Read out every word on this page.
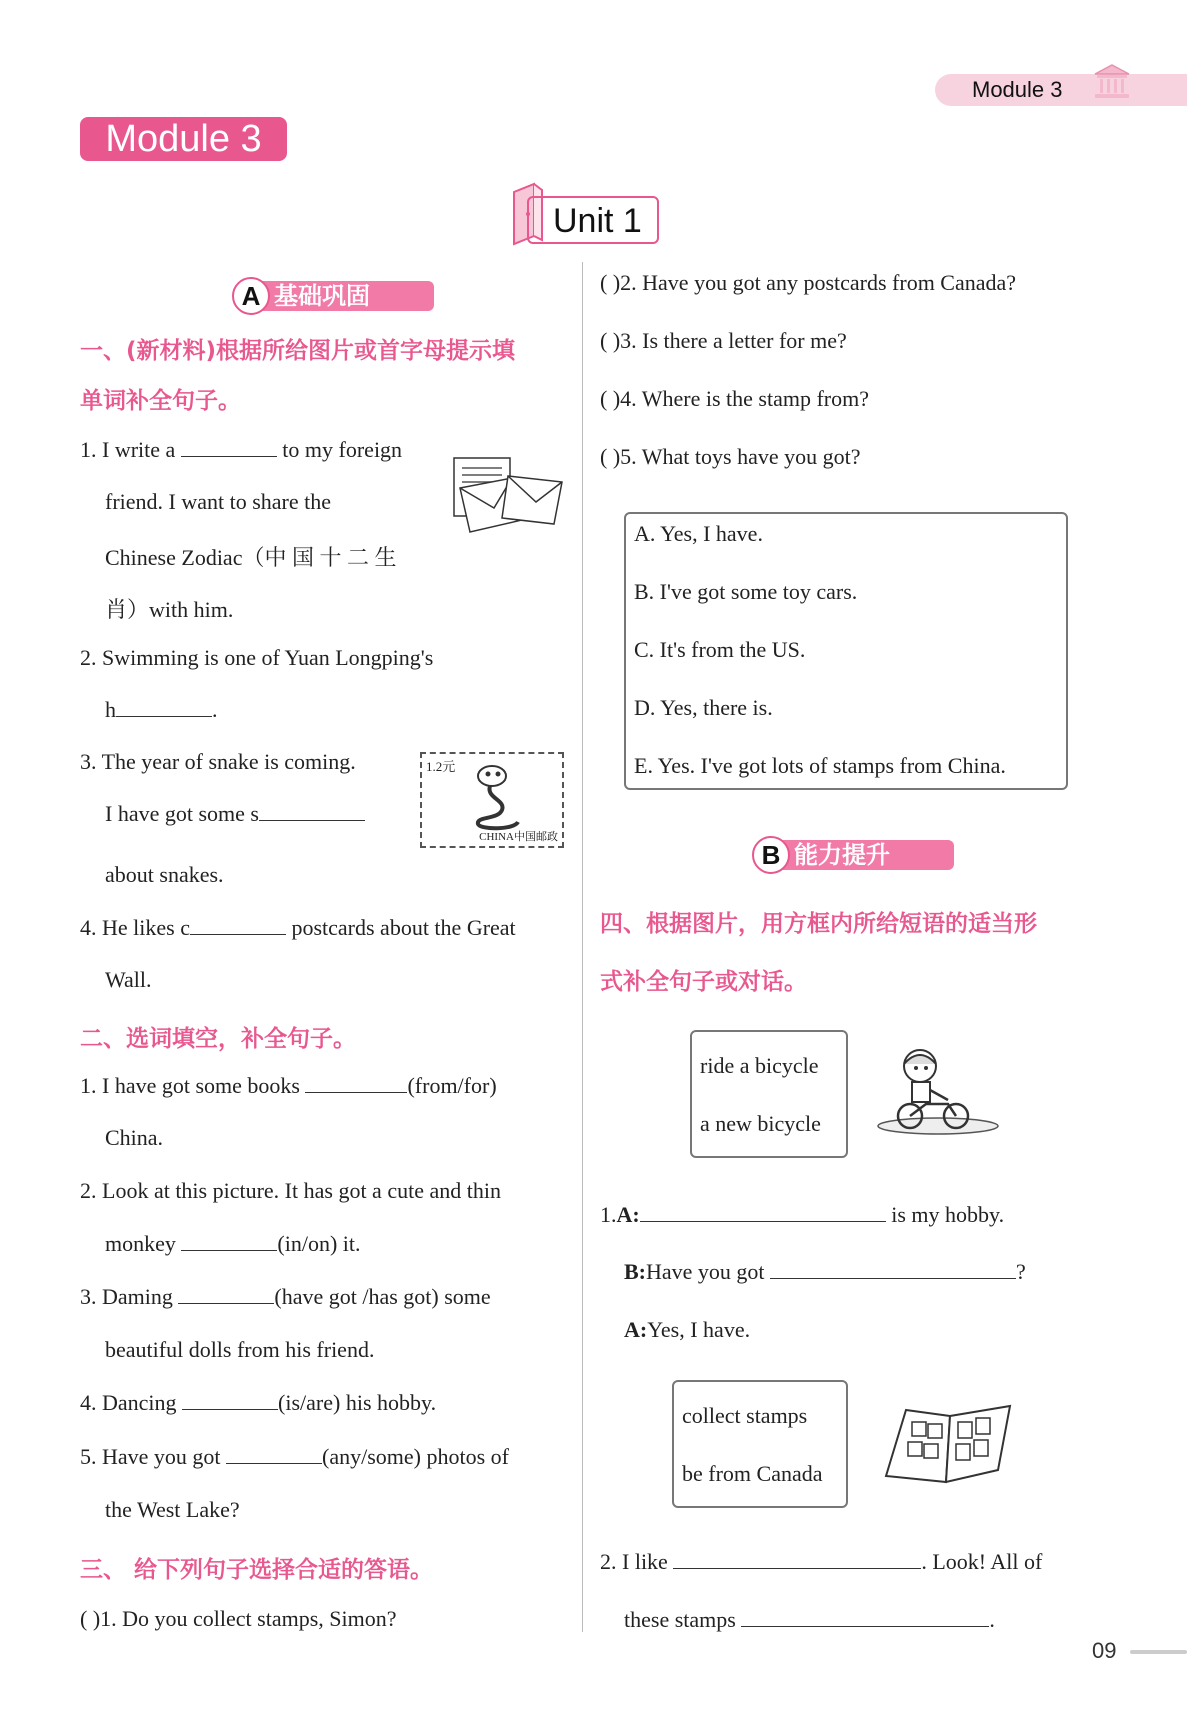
Module 3
Module 3
Unit 1
基础巩固
A
一、(新材料)根据所给图片或首字母提示填
单词补全句子。
1. I write a	to my foreign
friend. I want to share the
Chinese Zodiac（中 国 十 二 生
肖）with him.
2. Swimming is one of Yuan Longping's
h	.
3. The year of snake is coming.
I have got some s
about snakes.
1.2元
CHINA中国邮政
4. He likes c	postcards about the Great
Wall.
二、选词填空，补全句子。
1. I have got some books	(from/for)
China.
2. Look at this picture. It has got a cute and thin
monkey	(in/on) it.
3. Daming	(have got /has got) some
beautiful dolls from his friend.
4. Dancing	(is/are) his hobby.
5. Have you got	(any/some) photos of
the West Lake?
三、 给下列句子选择合适的答语。
( )1. Do you collect stamps, Simon?
( )2. Have you got any postcards from Canada?
( )3. Is there a letter for me?
( )4. Where is the stamp from?
( )5. What toys have you got?
A. Yes, I have.
B. I've got some toy cars.
C. It's from the US.
D. Yes, there is.
E. Yes. I've got lots of stamps from China.
能力提升
B
四、根据图片，用方框内所给短语的适当形
式补全句子或对话。
ride a bicycle
a new bicycle
1.A:	is my hobby.
B:Have you got	?
A:Yes, I have.
collect stamps
be from Canada
2. I like	. Look! All of
these stamps	.
09
